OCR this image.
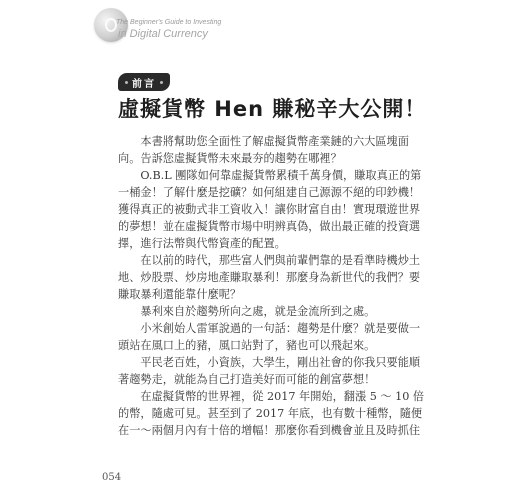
The Beginner's Guide to Investing
in Digital Currency
前言
虛擬貨幣 Hen 賺秘辛大公開！

本書將幫助您全面性了解虛擬貨幣產業鏈的六大區塊面
向。告訴您虛擬貨幣未來最夯的趨勢在哪裡？

O.B.L 團隊如何靠虛擬貨幣累積千萬身價，賺取真正的第
一桶金！了解什麼是挖礦？如何組建自己源源不絕的印鈔機！
獲得真正的被動式非工資收入！讓你財富自由！實現環遊世界
的夢想！並在虛擬貨幣市場中明辨真偽，做出最正確的投資選
擇，進行法幣與代幣資產的配置。

在以前的時代，那些富人們與前輩們靠的是看準時機炒土
地、炒股票、炒房地產賺取暴利！那麼身為新世代的我們？要
賺取暴利還能靠什麼呢？

暴利來自於趨勢所向之處，就是金流所到之處。

小米創始人雷軍說過的一句話：趨勢是什麼？就是要做一
頭站在風口上的豬，風口站對了，豬也可以飛起來。

平民老百姓，小資族，大學生，剛出社會的你我只要能順
著趨勢走，就能為自己打造美好而可能的創富夢想！

在虛擬貨幣的世界裡，從 2017 年開始，翻漲 5 ～ 10 倍
的幣，隨處可見。甚至到了 2017 年底，也有數十種幣，隨便
在一～兩個月內有十倍的增幅！那麼你看到機會並且及時抓住

054
